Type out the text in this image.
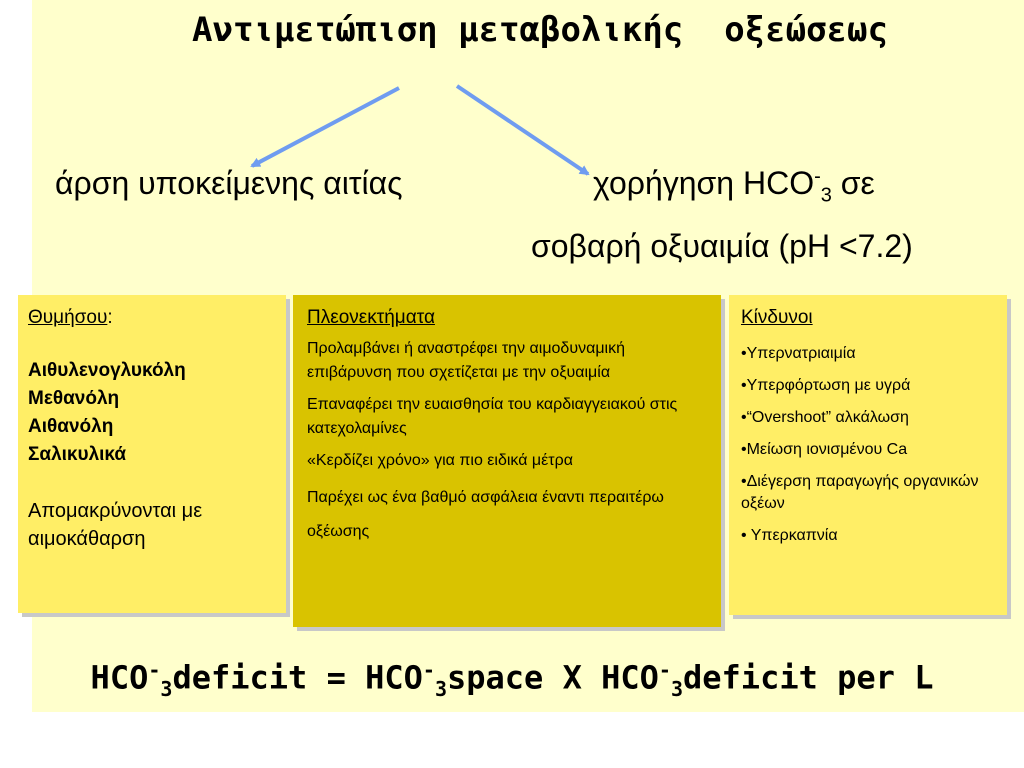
Αντιμετώπιση μεταβολικής  οξεώσεως
άρση υποκείμενης αιτίας	χορήγηση $HCO^-_3$ σε
σοβαρή οξυαιμία (pH <7.2)
Θυμήσου:
Αιθυλενογλυκόλη
Μεθανόλη
Αιθανόλη
Σαλικυλικά
Απομακρύνονται με αιμοκάθαρση
Πλεονεκτήματα
Προλαμβάνει ή αναστρέφει την αιμοδυναμική επιβάρυνση που σχετίζεται με την οξυαιμία
Επαναφέρει την ευαισθησία του καρδιαγγειακού στις κατεχολαμίνες
«Κερδίζει χρόνο» για πιο ειδικά μέτρα
Παρέχει ως ένα βαθμό ασφάλεια έναντι περαιτέρω οξέωσης
Κίνδυνοι
•Υπερνατριαιμία
•Υπερφόρτωση με υγρά
•“Overshoot” αλκάλωση
•Μείωση ιονισμένου Ca
•Διέγερση παραγωγής οργανικών οξέων
• Υπερκαπνία
$HCO^-_3deficit$ = $HCO^-_3space$ X $HCO^-_3deficit$ per L
